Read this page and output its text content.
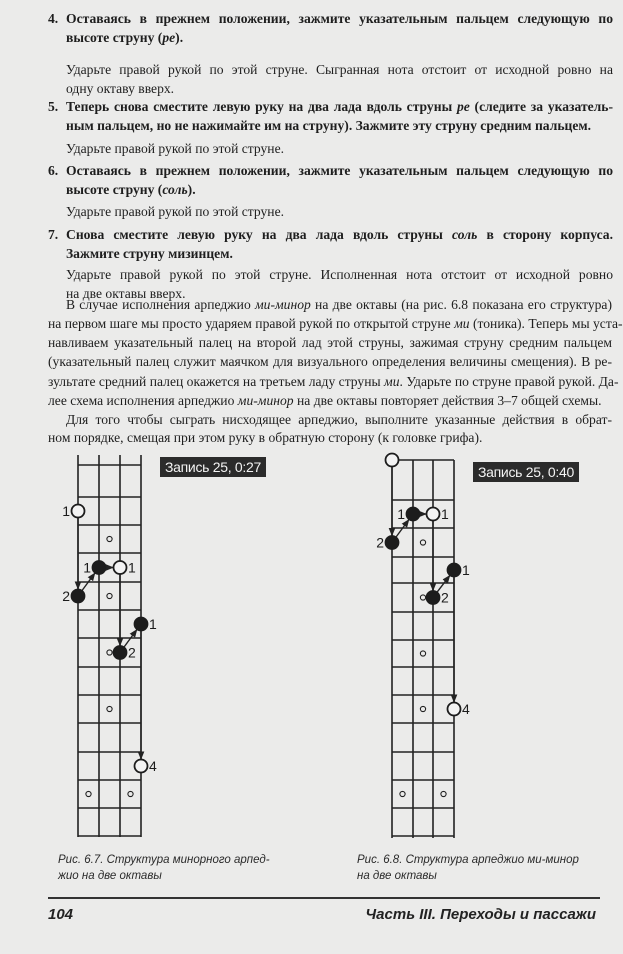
4. Оставаясь в прежнем положении, зажмите указательным пальцем следующую по
высоте струну (ре).
Ударьте правой рукой по этой струне. Сыгранная нота отстоит от исходной ровно на
одну октаву вверх.
5. Теперь снова сместите левую руку на два лада вдоль струны ре (следите за указатель-
ным пальцем, но не нажимайте им на струну). Зажмите эту струну средним пальцем.
Ударьте правой рукой по этой струне.
6. Оставаясь в прежнем положении, зажмите указательным пальцем следующую по
высоте струну (соль).
Ударьте правой рукой по этой струне.
7. Снова сместите левую руку на два лада вдоль струны соль в сторону корпуса.
Зажмите струну мизинцем.
Ударьте правой рукой по этой струне. Исполненная нота отстоит от исходной ровно
на две октавы вверх.
В случае исполнения арпеджио ми-минор на две октавы (на рис. 6.8 показана его структура)
на первом шаге мы просто ударяем правой рукой по открытой струне ми (тоника). Теперь мы уста-
навливаем указательный палец на второй лад этой струны, зажимая струну средним пальцем
(указательный палец служит маячком для визуального определения величины смещения). В ре-
зультате средний палец окажется на третьем ладу струны ми. Ударьте по струне правой рукой. Да-
лее схема исполнения арпеджио ми-минор на две октавы повторяет действия 3–7 общей схемы.
Для того чтобы сыграть нисходящее арпеджио, выполните указанные действия в обрат-
ном порядке, смещая при этом руку в обратную сторону (к головке грифа).
1
1	1
2
1
2
4
1	1
2
1
2
4
Запись 25, 0:27	Запись 25, 0:40
Рис. 6.7. Структура минорного арпед-
жио на две октавы
Рис. 6.8. Структура арпеджио ми-минор
на две октавы
104	Часть III. Переходы и пассажи
